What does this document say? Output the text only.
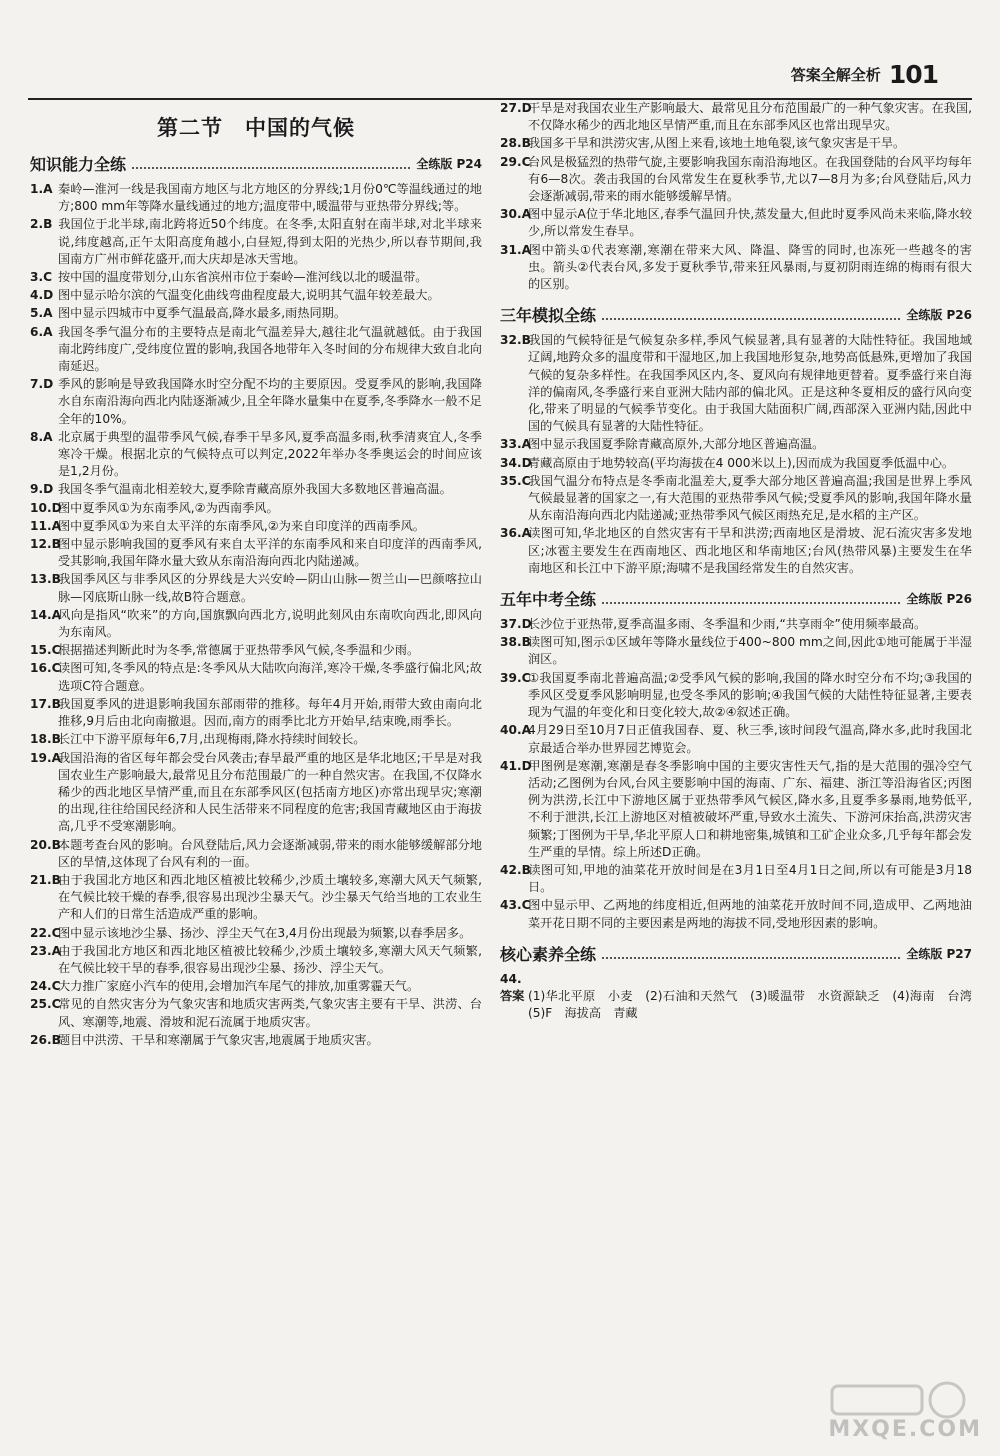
答案全解全析 101
第二节　中国的气候
知识能力全练	全练版 P24
1.A 秦岭—淮河一线是我国南方地区与北方地区的分界线;1月份0℃等温线通过的地方;800 mm年等降水量线通过的地方;温度带中,暖温带与亚热带分界线;等。
2.B 我国位于北半球,南北跨将近50个纬度。在冬季,太阳直射在南半球,对北半球来说,纬度越高,正午太阳高度角越小,白昼短,得到太阳的光热少,所以春节期间,我国南方广州市鲜花盛开,而大庆却是冰天雪地。
3.C 按中国的温度带划分,山东省滨州市位于秦岭—淮河线以北的暖温带。
4.D 图中显示哈尔滨的气温变化曲线弯曲程度最大,说明其气温年较差最大。
5.A 图中显示四城市中夏季气温最高,降水最多,雨热同期。
6.A 我国冬季气温分布的主要特点是南北气温差异大,越往北气温就越低。由于我国南北跨纬度广,受纬度位置的影响,我国各地带年入冬时间的分布规律大致自北向南延迟。
7.D 季风的影响是导致我国降水时空分配不均的主要原因。受夏季风的影响,我国降水自东南沿海向西北内陆逐渐减少,且全年降水量集中在夏季,冬季降水一般不足全年的10%。
8.A 北京属于典型的温带季风气候,春季干旱多风,夏季高温多雨,秋季清爽宜人,冬季寒冷干燥。根据北京的气候特点可以判定,2022年举办冬季奥运会的时间应该是1,2月份。
9.D 我国冬季气温南北相差较大,夏季除青藏高原外我国大多数地区普遍高温。
10.D图中夏季风①为东南季风,②为西南季风。
11.A图中夏季风①为来自太平洋的东南季风,②为来自印度洋的西南季风。
12.B图中显示影响我国的夏季风有来自太平洋的东南季风和来自印度洋的西南季风,受其影响,我国年降水量大致从东南沿海向西北内陆递减。
13.B我国季风区与非季风区的分界线是大兴安岭—阴山山脉—贺兰山—巴颜喀拉山脉—冈底斯山脉一线,故B符合题意。
14.A风向是指风“吹来”的方向,国旗飘向西北方,说明此刻风由东南吹向西北,即风向为东南风。
15.C根据描述判断此时为冬季,常德属于亚热带季风气候,冬季温和少雨。
16.C读图可知,冬季风的特点是:冬季风从大陆吹向海洋,寒冷干燥,冬季盛行偏北风;故选项C符合题意。
17.B我国夏季风的进退影响我国东部雨带的推移。每年4月开始,雨带大致由南向北推移,9月后由北向南撤退。因而,南方的雨季比北方开始早,结束晚,雨季长。
18.B长江中下游平原每年6,7月,出现梅雨,降水持续时间较长。
19.A我国沿海的省区每年都会受台风袭击;春旱最严重的地区是华北地区;干旱是对我国农业生产影响最大,最常见且分布范围最广的一种自然灾害。在我国,不仅降水稀少的西北地区旱情严重,而且在东部季风区(包括南方地区)亦常出现旱灾;寒潮的出现,往往给国民经济和人民生活带来不同程度的危害;我国青藏地区由于海拔高,几乎不受寒潮影响。
20.B本题考查台风的影响。台风登陆后,风力会逐渐减弱,带来的雨水能够缓解部分地区的旱情,这体现了台风有利的一面。
21.B由于我国北方地区和西北地区植被比较稀少,沙质土壤较多,寒潮大风天气频繁,在气候比较干燥的春季,很容易出现沙尘暴天气。沙尘暴天气给当地的工农业生产和人们的日常生活造成严重的影响。
22.C图中显示该地沙尘暴、扬沙、浮尘天气在3,4月份出现最为频繁,以春季居多。
23.A由于我国北方地区和西北地区植被比较稀少,沙质土壤较多,寒潮大风天气频繁,在气候比较干旱的春季,很容易出现沙尘暴、扬沙、浮尘天气。
24.C大力推广家庭小汽车的使用,会增加汽车尾气的排放,加重雾霾天气。
25.C常见的自然灾害分为气象灾害和地质灾害两类,气象灾害主要有干旱、洪涝、台风、寒潮等,地震、滑坡和泥石流属于地质灾害。
26.B题目中洪涝、干旱和寒潮属于气象灾害,地震属于地质灾害。
27.D干旱是对我国农业生产影响最大、最常见且分布范围最广的一种气象灾害。在我国,不仅降水稀少的西北地区旱情严重,而且在东部季风区也常出现旱灾。
28.B我国多干旱和洪涝灾害,从图上来看,该地土地龟裂,该气象灾害是干旱。
29.C台风是极猛烈的热带气旋,主要影响我国东南沿海地区。在我国登陆的台风平均每年有6—8次。袭击我国的台风常发生在夏秋季节,尤以7—8月为多;台风登陆后,风力会逐渐减弱,带来的雨水能够缓解旱情。
30.A图中显示A位于华北地区,春季气温回升快,蒸发量大,但此时夏季风尚未来临,降水较少,所以常发生春旱。
31.A图中箭头①代表寒潮,寒潮在带来大风、降温、降雪的同时,也冻死一些越冬的害虫。箭头②代表台风,多发于夏秋季节,带来狂风暴雨,与夏初阴雨连绵的梅雨有很大的区别。
三年模拟全练	全练版 P26
32.B我国的气候特征是气候复杂多样,季风气候显著,具有显著的大陆性特征。我国地域辽阔,地跨众多的温度带和干湿地区,加上我国地形复杂,地势高低悬殊,更增加了我国气候的复杂多样性。在我国季风区内,冬、夏风向有规律地更替着。夏季盛行来自海洋的偏南风,冬季盛行来自亚洲大陆内部的偏北风。正是这种冬夏相反的盛行风向变化,带来了明显的气候季节变化。由于我国大陆面积广阔,西部深入亚洲内陆,因此中国的气候具有显著的大陆性特征。
33.A图中显示我国夏季除青藏高原外,大部分地区普遍高温。
34.D青藏高原由于地势较高(平均海拔在4 000米以上),因而成为我国夏季低温中心。
35.C我国气温分布特点是冬季南北温差大,夏季大部分地区普遍高温;我国是世界上季风气候最显著的国家之一,有大范围的亚热带季风气候;受夏季风的影响,我国年降水量从东南沿海向西北内陆递减;亚热带季风气候区雨热充足,是水稻的主产区。
36.A读图可知,华北地区的自然灾害有干旱和洪涝;西南地区是滑坡、泥石流灾害多发地区;冰雹主要发生在西南地区、西北地区和华南地区;台风(热带风暴)主要发生在华南地区和长江中下游平原;海啸不是我国经常发生的自然灾害。
五年中考全练	全练版 P26
37.D长沙位于亚热带,夏季高温多雨、冬季温和少雨,“共享雨伞”使用频率最高。
38.B读图可知,图示①区域年等降水量线位于400~800 mm之间,因此①地可能属于半湿润区。
39.C①我国夏季南北普遍高温;②受季风气候的影响,我国的降水时空分布不均;③我国的季风区受夏季风影响明显,也受冬季风的影响;④我国气候的大陆性特征显著,主要表现为气温的年变化和日变化较大,故②④叙述正确。
40.A4月29日至10月7日正值我国春、夏、秋三季,该时间段气温高,降水多,此时我国北京最适合举办世界园艺博览会。
41.D甲图例是寒潮,寒潮是春冬季影响中国的主要灾害性天气,指的是大范围的强冷空气活动;乙图例为台风,台风主要影响中国的海南、广东、福建、浙江等沿海省区;丙图例为洪涝,长江中下游地区属于亚热带季风气候区,降水多,且夏季多暴雨,地势低平,不利于泄洪,长江上游地区对植被破坏严重,导致水土流失、下游河床抬高,洪涝灾害频繁;丁图例为干旱,华北平原人口和耕地密集,城镇和工矿企业众多,几乎每年都会发生严重的旱情。综上所述D正确。
42.B读图可知,甲地的油菜花开放时间是在3月1日至4月1日之间,所以有可能是3月18日。
43.C图中显示甲、乙两地的纬度相近,但两地的油菜花开放时间不同,造成甲、乙两地油菜开花日期不同的主要因素是两地的海拔不同,受地形因素的影响。
核心素养全练	全练版 P27
44.答案 (1)华北平原　小麦　(2)石油和天然气　(3)暖温带　水资源缺乏　(4)海南　台湾　(5)F　海拔高　青藏
MXQE.COM
